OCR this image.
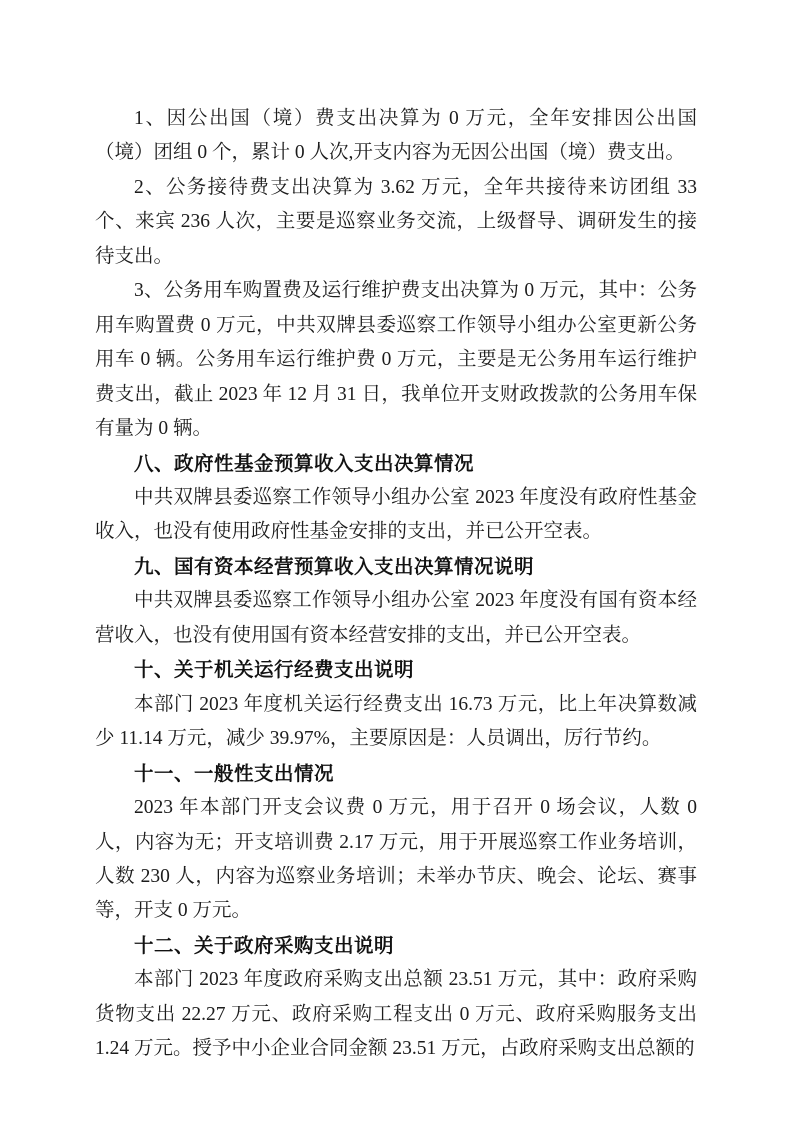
1、因公出国（境）费支出决算为 0 万元，全年安排因公出国（境）团组 0 个，累计 0 人次,开支内容为无因公出国（境）费支出。

2、公务接待费支出决算为 3.62 万元，全年共接待来访团组 33 个、来宾 236 人次，主要是巡察业务交流，上级督导、调研发生的接待支出。

3、公务用车购置费及运行维护费支出决算为 0 万元，其中：公务用车购置费 0 万元，中共双牌县委巡察工作领导小组办公室更新公务用车 0 辆。公务用车运行维护费 0 万元，主要是无公务用车运行维护费支出，截止 2023 年 12 月 31 日，我单位开支财政拨款的公务用车保有量为 0 辆。

八、政府性基金预算收入支出决算情况

中共双牌县委巡察工作领导小组办公室 2023 年度没有政府性基金收入，也没有使用政府性基金安排的支出，并已公开空表。

九、国有资本经营预算收入支出决算情况说明

中共双牌县委巡察工作领导小组办公室 2023 年度没有国有资本经营收入，也没有使用国有资本经营安排的支出，并已公开空表。

十、关于机关运行经费支出说明

本部门 2023 年度机关运行经费支出 16.73 万元，比上年决算数减少 11.14 万元，减少 39.97%，主要原因是：人员调出，厉行节约。

十一、一般性支出情况

2023 年本部门开支会议费 0 万元，用于召开 0 场会议，人数 0 人，内容为无；开支培训费 2.17 万元，用于开展巡察工作业务培训，人数 230 人，内容为巡察业务培训；未举办节庆、晚会、论坛、赛事等，开支 0 万元。

十二、关于政府采购支出说明

本部门 2023 年度政府采购支出总额 23.51 万元，其中：政府采购货物支出 22.27 万元、政府采购工程支出 0 万元、政府采购服务支出 1.24 万元。授予中小企业合同金额 23.51 万元，占政府采购支出总额的
